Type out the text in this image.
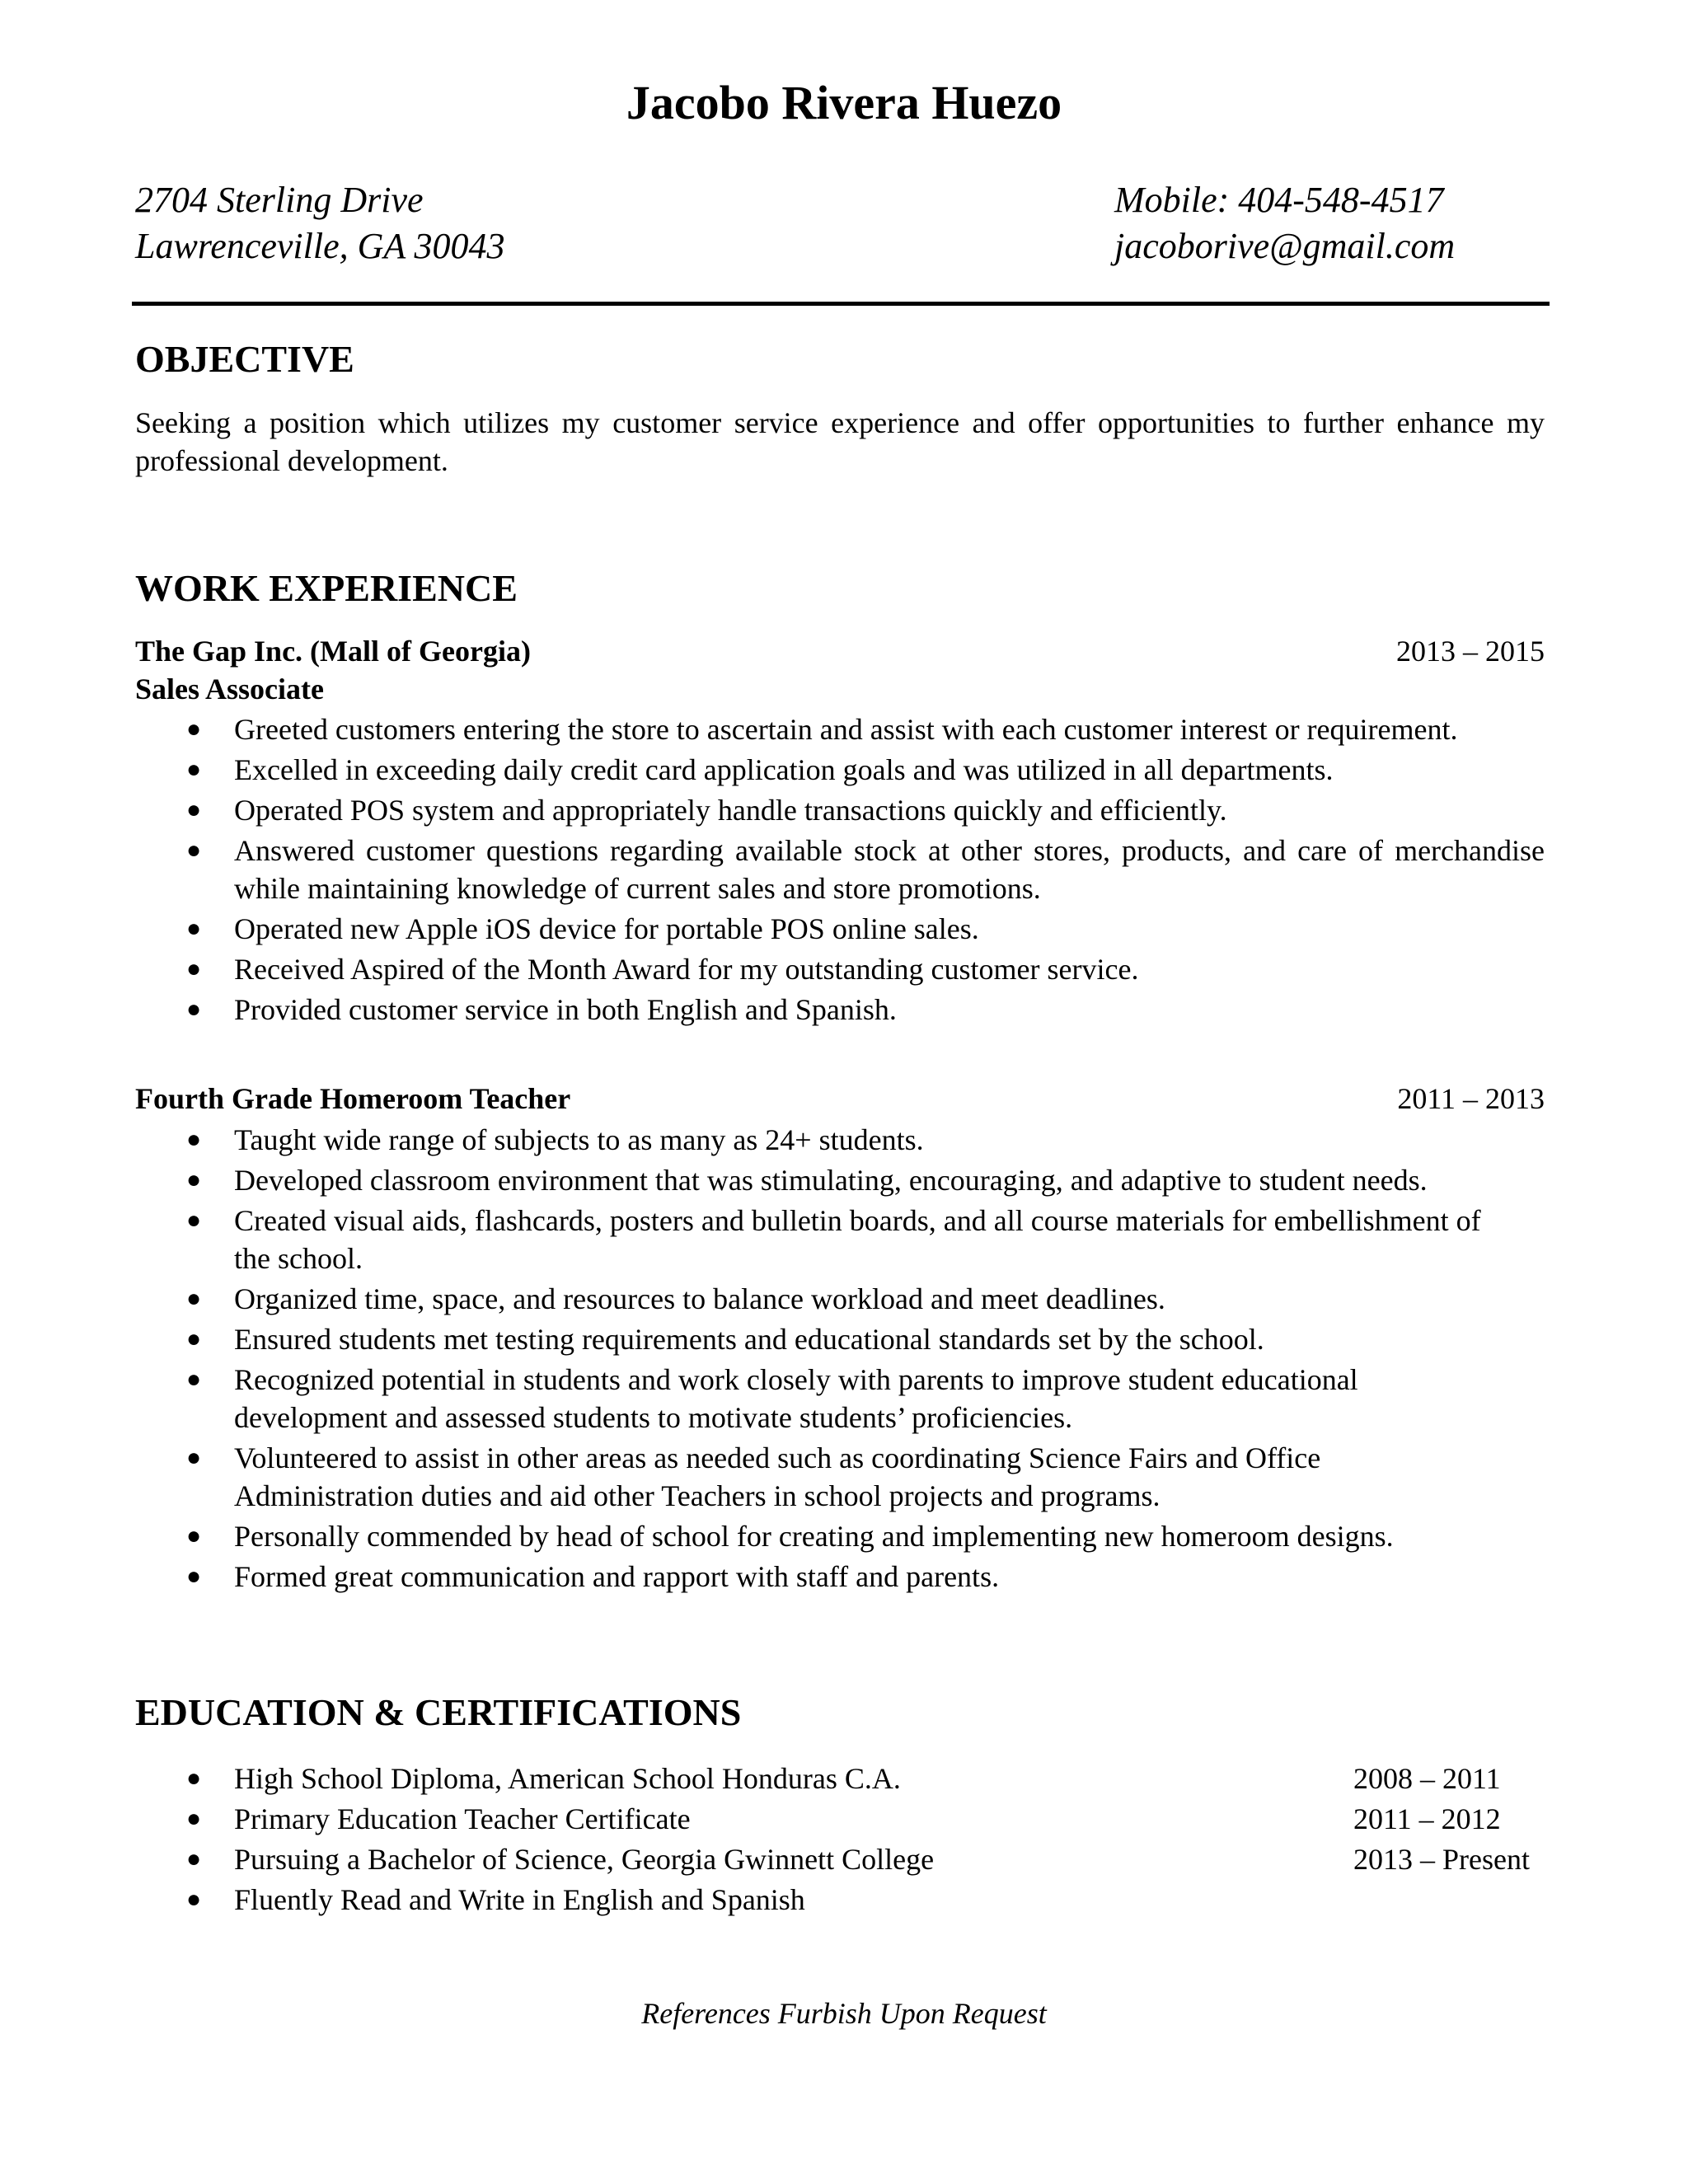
Jacobo Rivera Huezo
2704 Sterling Drive
Lawrenceville, GA 30043
Mobile: 404-548-4517
jacoborive@gmail.com
OBJECTIVE
Seeking a position which utilizes my customer service experience and offer opportunities to further enhance my professional development.
WORK EXPERIENCE
The Gap Inc. (Mall of Georgia)	2013 – 2015
Sales Associate
● Greeted customers entering the store to ascertain and assist with each customer interest or requirement.
● Excelled in exceeding daily credit card application goals and was utilized in all departments.
● Operated POS system and appropriately handle transactions quickly and efficiently.
● Answered customer questions regarding available stock at other stores, products, and care of merchandise while maintaining knowledge of current sales and store promotions.
● Operated new Apple iOS device for portable POS online sales.
● Received Aspired of the Month Award for my outstanding customer service.
● Provided customer service in both English and Spanish.
Fourth Grade Homeroom Teacher	2011 – 2013
● Taught wide range of subjects to as many as 24+ students.
● Developed classroom environment that was stimulating, encouraging, and adaptive to student needs.
● Created visual aids, flashcards, posters and bulletin boards, and all course materials for embellishment of the school.
● Organized time, space, and resources to balance workload and meet deadlines.
● Ensured students met testing requirements and educational standards set by the school.
● Recognized potential in students and work closely with parents to improve student educational development and assessed students to motivate students’ proficiencies.
● Volunteered to assist in other areas as needed such as coordinating Science Fairs and Office Administration duties and aid other Teachers in school projects and programs.
● Personally commended by head of school for creating and implementing new homeroom designs.
● Formed great communication and rapport with staff and parents.
EDUCATION & CERTIFICATIONS
● High School Diploma, American School Honduras C.A.	2008 – 2011
● Primary Education Teacher Certificate	2011 – 2012
● Pursuing a Bachelor of Science, Georgia Gwinnett College	2013 – Present
● Fluently Read and Write in English and Spanish
References Furbish Upon Request
